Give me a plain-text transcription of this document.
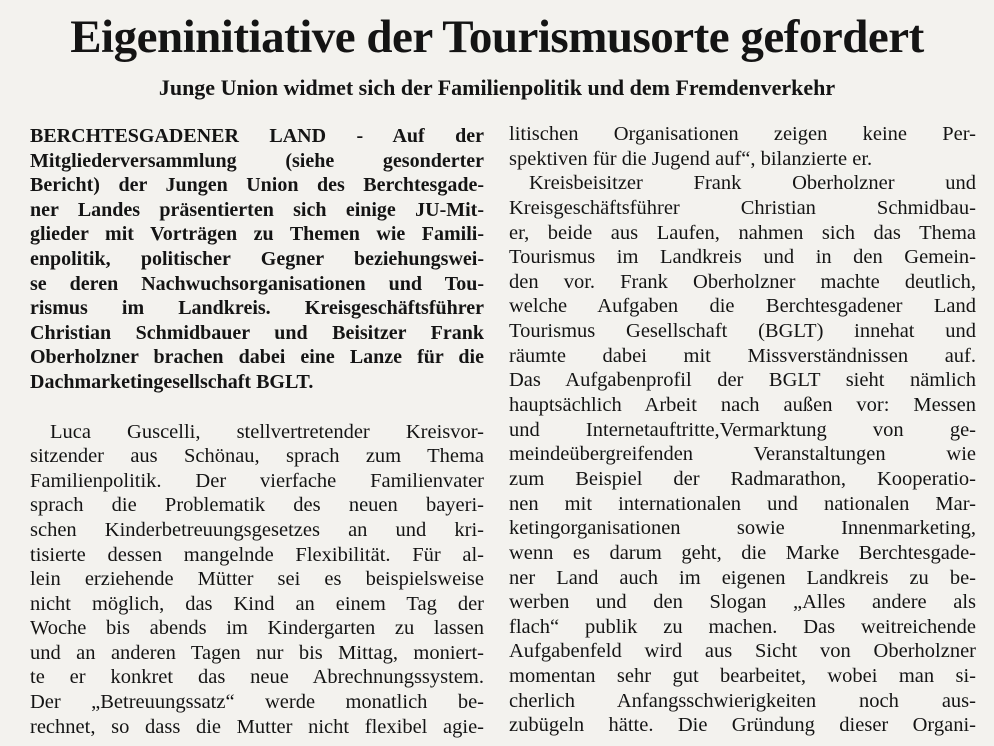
Eigeninitiative der Tourismusorte gefordert
Junge Union widmet sich der Familienpolitik und dem Fremdenverkehr
BERCHTESGADENER LAND - Auf der
Mitgliederversammlung (siehe gesonderter
Bericht) der Jungen Union des Berchtesgade-
ner Landes präsentierten sich einige JU-Mit-
glieder mit Vorträgen zu Themen wie Famili-
enpolitik, politischer Gegner beziehungswei-
se deren Nachwuchsorganisationen und Tou-
rismus im Landkreis. Kreisgeschäftsführer
Christian Schmidbauer und Beisitzer Frank
Oberholzner brachen dabei eine Lanze für die
Dachmarketingesellschaft BGLT.
Luca Guscelli, stellvertretender Kreisvor-
sitzender aus Schönau, sprach zum Thema
Familienpolitik. Der vierfache Familienvater
sprach die Problematik des neuen bayeri-
schen Kinderbetreuungsgesetzes an und kri-
tisierte dessen mangelnde Flexibilität. Für al-
lein erziehende Mütter sei es beispielsweise
nicht möglich, das Kind an einem Tag der
Woche bis abends im Kindergarten zu lassen
und an anderen Tagen nur bis Mittag, moniert-
te er konkret das neue Abrechnungssystem.
Der „Betreuungssatz“ werde monatlich be-
rechnet, so dass die Mutter nicht flexibel agie-
litischen Organisationen zeigen keine Per-
spektiven für die Jugend auf“, bilanzierte er.
Kreisbeisitzer Frank Oberholzner und
Kreisgeschäftsführer Christian Schmidbau-
er, beide aus Laufen, nahmen sich das Thema
Tourismus im Landkreis und in den Gemein-
den vor. Frank Oberholzner machte deutlich,
welche Aufgaben die Berchtesgadener Land
Tourismus Gesellschaft (BGLT) innehat und
räumte dabei mit Missverständnissen auf.
Das Aufgabenprofil der BGLT sieht nämlich
hauptsächlich Arbeit nach außen vor: Messen
und Internetauftritte,Vermarktung von ge-
meindeübergreifenden Veranstaltungen wie
zum Beispiel der Radmarathon, Kooperatio-
nen mit internationalen und nationalen Mar-
ketingorganisationen sowie Innenmarketing,
wenn es darum geht, die Marke Berchtesgade-
ner Land auch im eigenen Landkreis zu be-
werben und den Slogan „Alles andere als
flach“ publik zu machen. Das weitreichende
Aufgabenfeld wird aus Sicht von Oberholzner
momentan sehr gut bearbeitet, wobei man si-
cherlich Anfangsschwierigkeiten noch aus-
zubügeln hätte. Die Gründung dieser Organi-
